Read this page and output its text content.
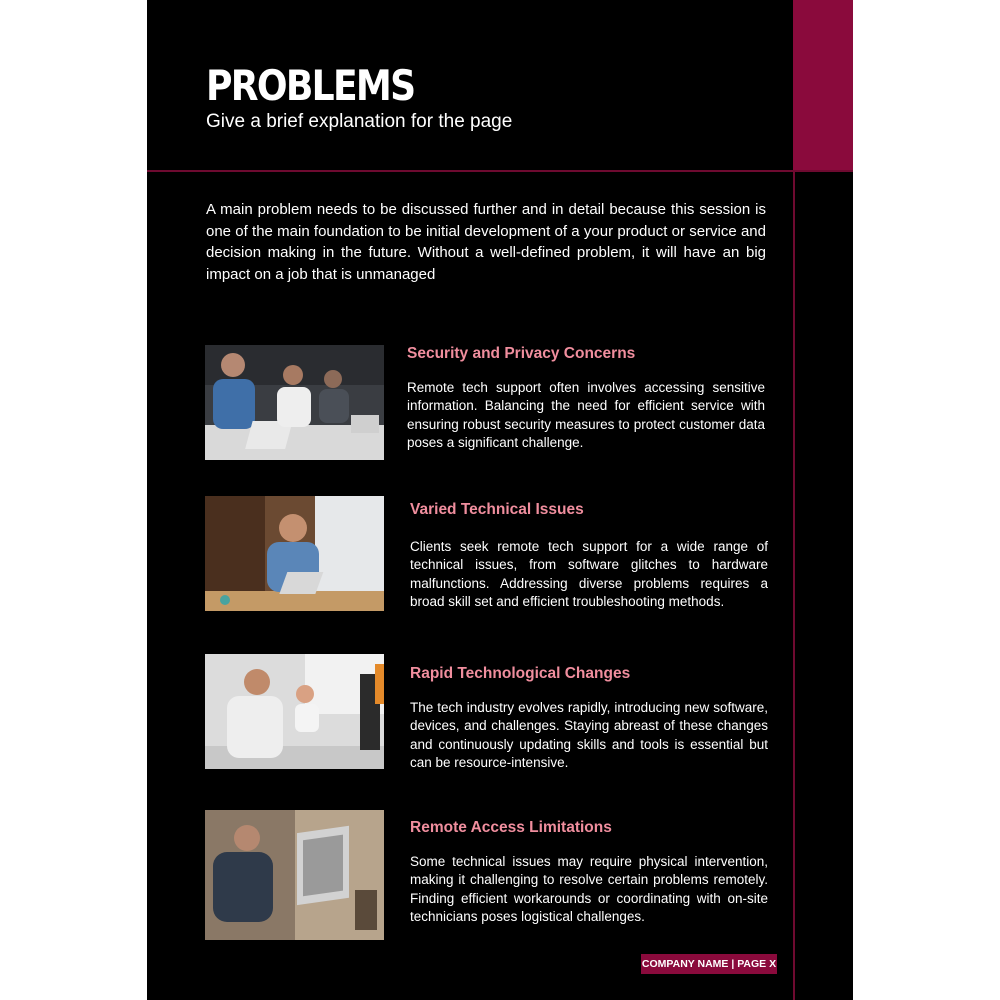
PROBLEMS

Give a brief explanation for the page

A main problem needs to be discussed further and in detail because this session is one of the main foundation to be initial development of a your product or service and decision making in the future. Without a well-defined problem, it will have an big impact on a job that is unmanaged

Security and Privacy Concerns

Remote tech support often involves accessing sensitive information. Balancing the need for efficient service with ensuring robust security measures to protect customer data poses a significant challenge.

Varied Technical Issues

Clients seek remote tech support for a wide range of technical issues, from software glitches to hardware malfunctions. Addressing diverse problems requires a broad skill set and efficient troubleshooting methods.

Rapid Technological Changes

The tech industry evolves rapidly, introducing new software, devices, and challenges. Staying abreast of these changes and continuously updating skills and tools is essential but can be resource-intensive.

Remote Access Limitations

Some technical issues may require physical intervention, making it challenging to resolve certain problems remotely. Finding efficient workarounds or coordinating with on-site technicians poses logistical challenges.

COMPANY NAME | PAGE X
